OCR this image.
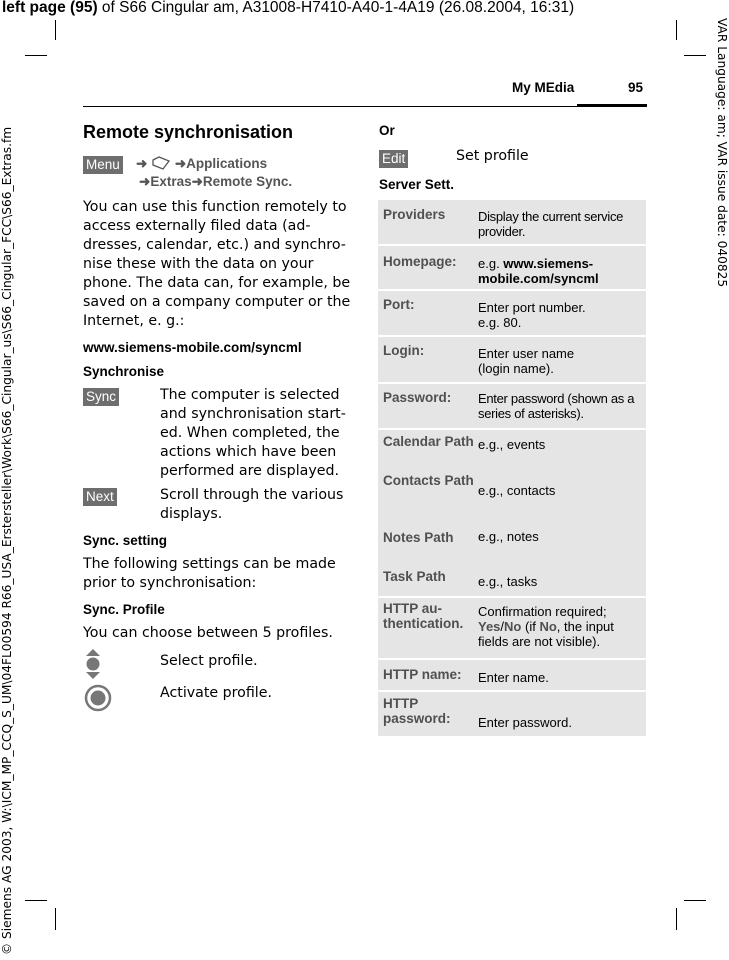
left page (95) of S66 Cingular am, A31008-H7410-A40-1-4A19 (26.08.2004, 16:31)
VAR Language: am; VAR issue date: 040825
© Siemens AG 2003, W:\ICM_MP_CCQ_S_UM\04FL00594 R66_USA_Erstersteller\Work\S66_Cingular_us\S66_Cingular_FCC\S66_Extras.fm
My MEdia	95
Remote synchronisation
Menu ➜ ➜Applications
➜Extras➜Remote Sync.
You can use this function remotely to access externally filed data (ad-dresses, calendar, etc.) and synchro-nise these with the data on your phone. The data can, for example, be saved on a company computer or the Internet, e. g.:
www.siemens-mobile.com/syncml
Synchronise
Sync	The computer is selected and synchronisation start-ed. When completed, the actions which have been performed are displayed.
Next	Scroll through the various displays.
Sync. setting
The following settings can be made prior to synchronisation:
Sync. Profile
You can choose between 5 profiles.
Select profile.
Activate profile.
Or
Edit	Set profile
Server Sett.
Providers	Display the current service provider.
Homepage: e.g. www.siemens-mobile.com/syncml
Port:	Enter port number.
e.g. 80.
Login:	Enter user name
(login name).
Password: Enter password (shown as a series of asterisks).
Calendar Path e.g., events
Contacts Path
e.g., contacts
Notes Path e.g., notes
Task Path e.g., tasks
HTTP au-thentication.
Confirmation required; Yes/No (if No, the input fields are not visible).
HTTP name: Enter name.
HTTP password:	Enter password.
